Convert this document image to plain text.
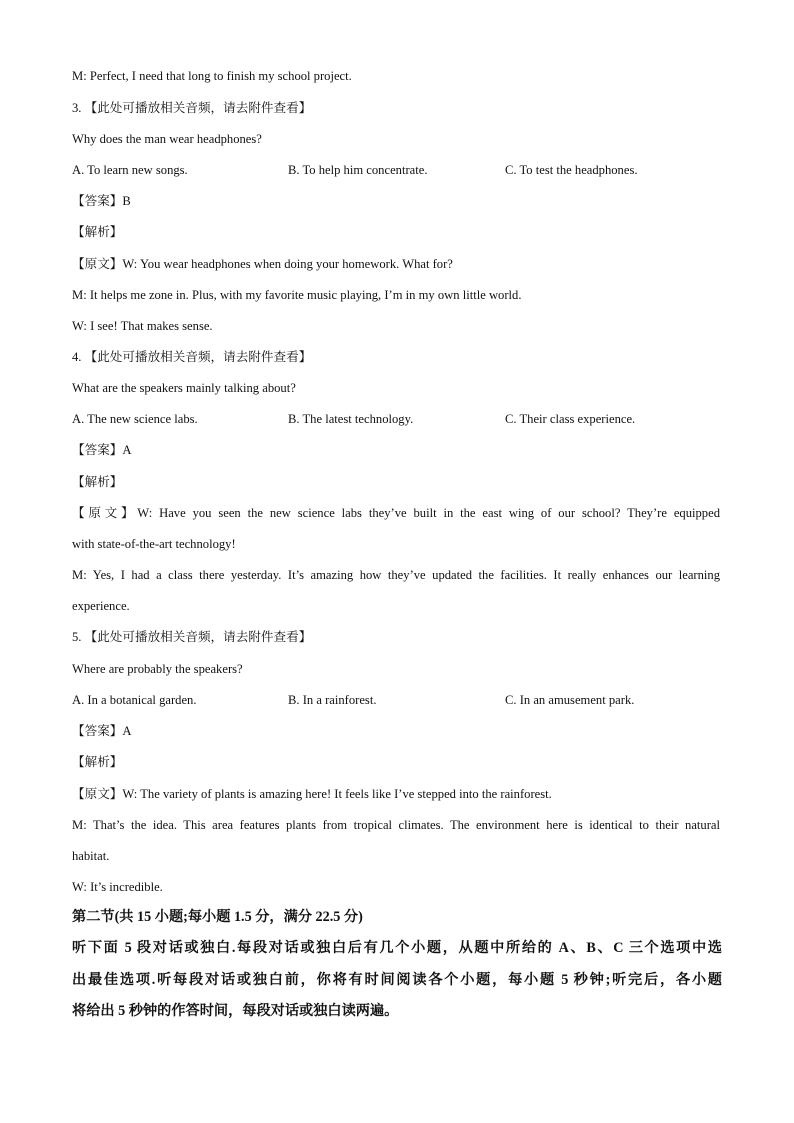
M: Perfect, I need that long to finish my school project.
3. 【此处可播放相关音频，请去附件查看】
Why does the man wear headphones?
A. To learn new songs.	B. To help him concentrate.	C. To test the headphones.
【答案】B
【解析】
【原文】W: You wear headphones when doing your homework. What for?
M: It helps me zone in. Plus, with my favorite music playing, I’m in my own little world.
W: I see! That makes sense.
4. 【此处可播放相关音频，请去附件查看】
What are the speakers mainly talking about?
A. The new science labs.	B. The latest technology.	C. Their class experience.
【答案】A
【解析】
【原文】W: Have you seen the new science labs they’ve built in the east wing of our school? They’re equipped
with state-of-the-art technology!
M: Yes, I had a class there yesterday. It’s amazing how they’ve updated the facilities. It really enhances our learning
experience.
5. 【此处可播放相关音频，请去附件查看】
Where are probably the speakers?
A. In a botanical garden.	B. In a rainforest.	C. In an amusement park.
【答案】A
【解析】
【原文】W: The variety of plants is amazing here! It feels like I’ve stepped into the rainforest.
M: That’s the idea. This area features plants from tropical climates. The environment here is identical to their natural
habitat.
W: It’s incredible.
第二节(共 15 小题;每小题 1.5 分，满分 22.5 分)
听下面 5 段对话或独白.每段对话或独白后有几个小题，从题中所给的 A、B、C 三个选项中选
出最佳选项.听每段对话或独白前，你将有时间阅读各个小题，每小题 5 秒钟;听完后，各小题
将给出 5 秒钟的作答时间，每段对话或独白读两遍。
